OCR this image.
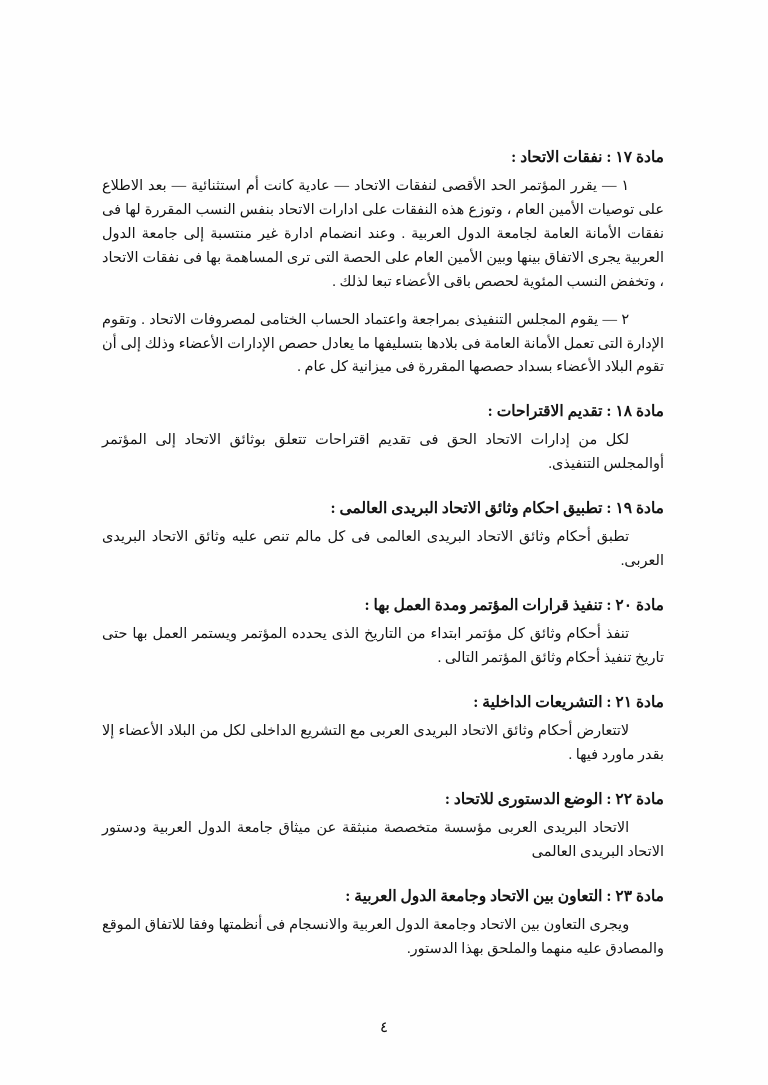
مادة ١٧ : نفقات الاتحاد :

١ — يقرر المؤتمر الحد الأقصى لنفقات الاتحاد — عادية كانت أم استثنائية — بعد الاطلاع على توصيات الأمين العام ، وتوزع هذه النفقات على ادارات الاتحاد بنفس النسب المقررة لها فى نفقات الأمانة العامة لجامعة الدول العربية . وعند انضمام ادارة غير منتسبة إلى جامعة الدول العربية يجرى الاتفاق بينها وبين الأمين العام على الحصة التى ترى المساهمة بها فى نفقات الاتحاد ، وتخفض النسب المئوية لحصص باقى الأعضاء تبعا لذلك .

٢ — يقوم المجلس التنفيذى بمراجعة واعتماد الحساب الختامى لمصروفات الاتحاد . وتقوم الإدارة التى تعمل الأمانة العامة فى بلادها بتسليفها ما يعادل حصص الإدارات الأعضاء وذلك إلى أن تقوم البلاد الأعضاء بسداد حصصها المقررة فى ميزانية كل عام .

مادة ١٨ : تقديم الاقتراحات :

لكل من إدارات الاتحاد الحق فى تقديم اقتراحات تتعلق بوثائق الاتحاد إلى المؤتمر أوالمجلس التنفيذى.

مادة ١٩ : تطبيق احكام وثائق الاتحاد البريدى العالمى :

تطبق أحكام وثائق الاتحاد البريدى العالمى فى كل مالم تنص عليه وثائق الاتحاد البريدى العربى.

مادة ٢٠ : تنفيذ قرارات المؤتمر ومدة العمل بها :

تنفذ أحكام وثائق كل مؤتمر ابتداء من التاريخ الذى يحدده المؤتمر ويستمر العمل بها حتى تاريخ تنفيذ أحكام وثائق المؤتمر التالى .

مادة ٢١ : التشريعات الداخلية :

لاتتعارض أحكام وثائق الاتحاد البريدى العربى مع التشريع الداخلى لكل من البلاد الأعضاء إلا بقدر ماورد فيها .

مادة ٢٢ : الوضع الدستورى للاتحاد :

الاتحاد البريدى العربى مؤسسة متخصصة منبثقة عن ميثاق جامعة الدول العربية ودستور الاتحاد البريدى العالمى

مادة ٢٣ : التعاون بين الاتحاد وجامعة الدول العربية :

ويجرى التعاون بين الاتحاد وجامعة الدول العربية والانسجام فى أنظمتها وفقا للاتفاق الموقع والمصادق عليه منهما والملحق بهذا الدستور.

٤
